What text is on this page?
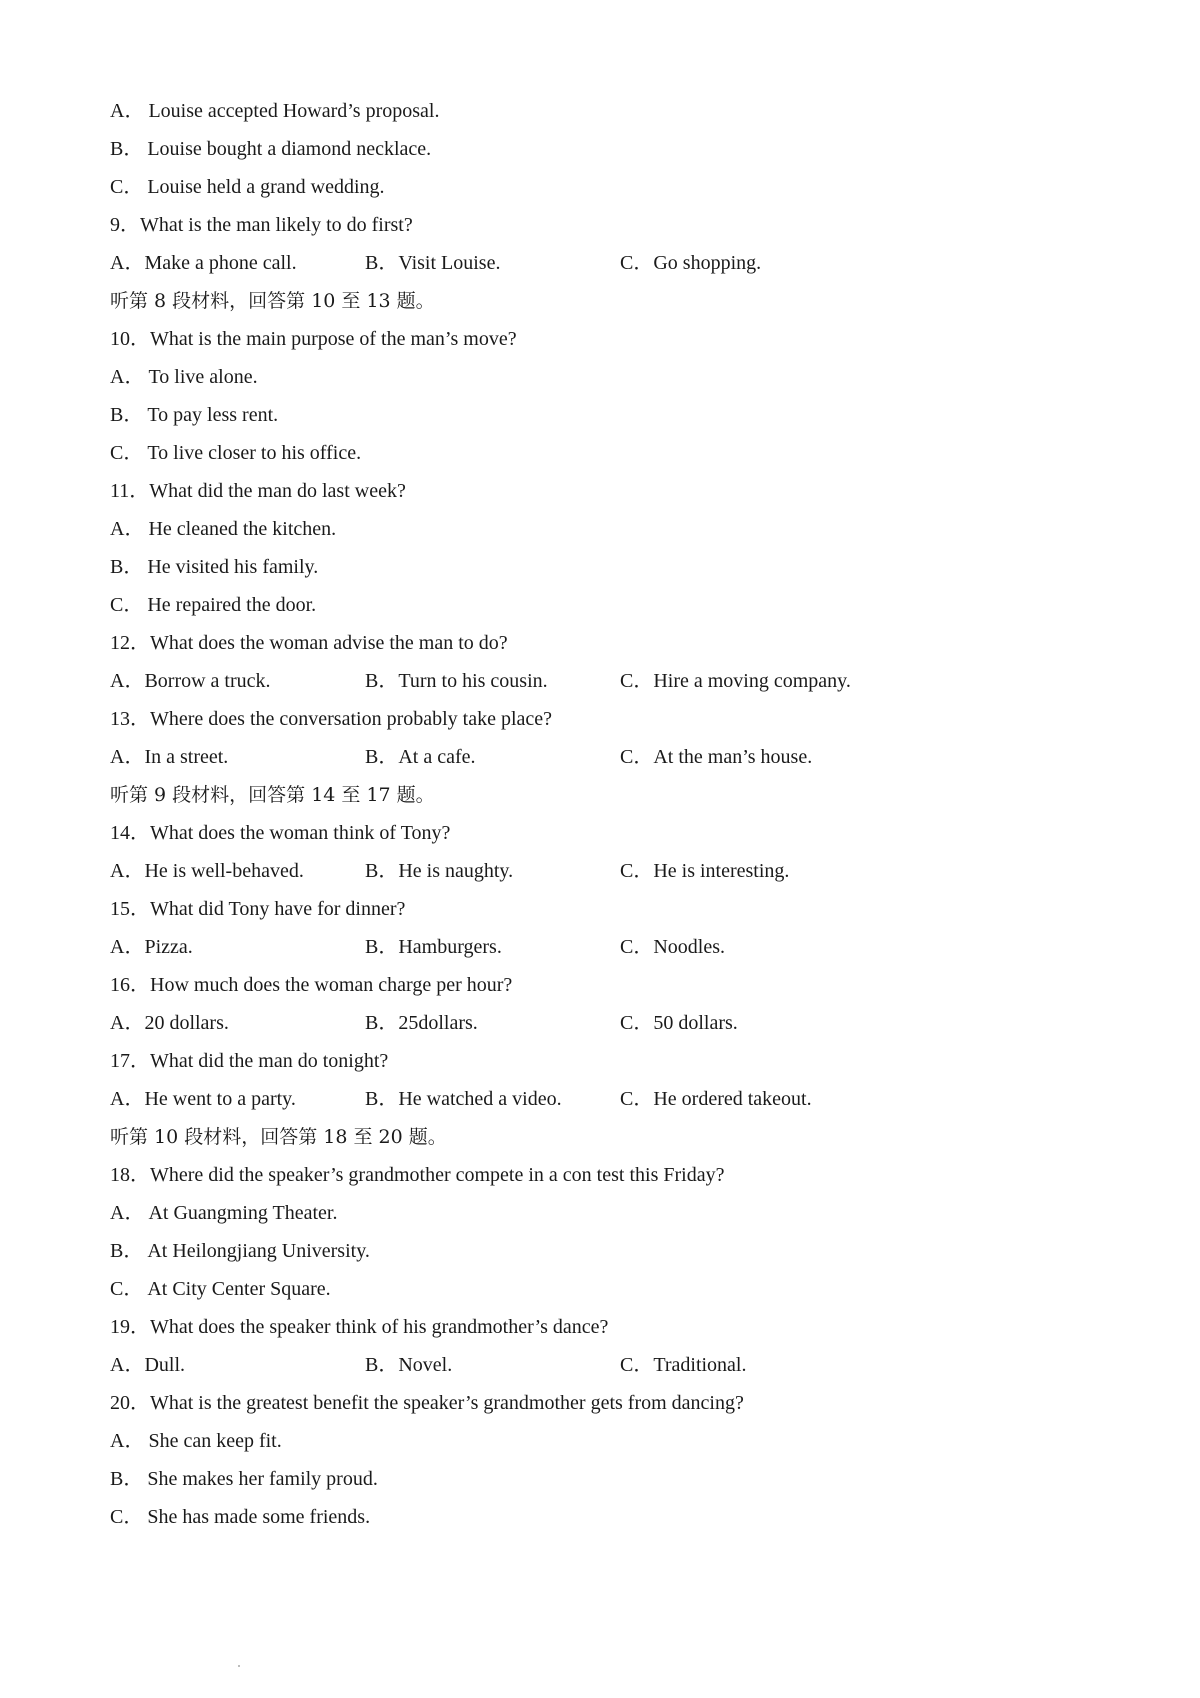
A． Louise accepted Howard’s proposal.
B． Louise bought a diamond necklace.
C． Louise held a grand wedding.
9．What is the man likely to do first?
A．Make a phone call.	B．Visit Louise.	C．Go shopping.
听第 8 段材料，回答第 10 至 13 题。
10．What is the main purpose of the man’s move?
A． To live alone.
B． To pay less rent.
C． To live closer to his office.
11．What did the man do last week?
A． He cleaned the kitchen.
B． He visited his family.
C． He repaired the door.
12．What does the woman advise the man to do?
A．Borrow a truck.	B．Turn to his cousin.	C．Hire a moving company.
13．Where does the conversation probably take place?
A．In a street.	B．At a cafe.	C．At the man’s house.
听第 9 段材料，回答第 14 至 17 题。
14．What does the woman think of Tony?
A．He is well-behaved.	B．He is naughty.	C．He is interesting.
15．What did Tony have for dinner?
A．Pizza.	B．Hamburgers.	C．Noodles.
16．How much does the woman charge per hour?
A．20 dollars.	B．25dollars.	C．50 dollars.
17．What did the man do tonight?
A．He went to a party.	B．He watched a video.	C．He ordered takeout.
听第 10 段材料，回答第 18 至 20 题。
18．Where did the speaker’s grandmother compete in a con test this Friday?
A． At Guangming Theater.
B． At Heilongjiang University.
C． At City Center Square.
19．What does the speaker think of his grandmother’s dance?
A．Dull.	B．Novel.	C．Traditional.
20．What is the greatest benefit the speaker’s grandmother gets from dancing?
A． She can keep fit.
B． She makes her family proud.
C． She has made some friends.
